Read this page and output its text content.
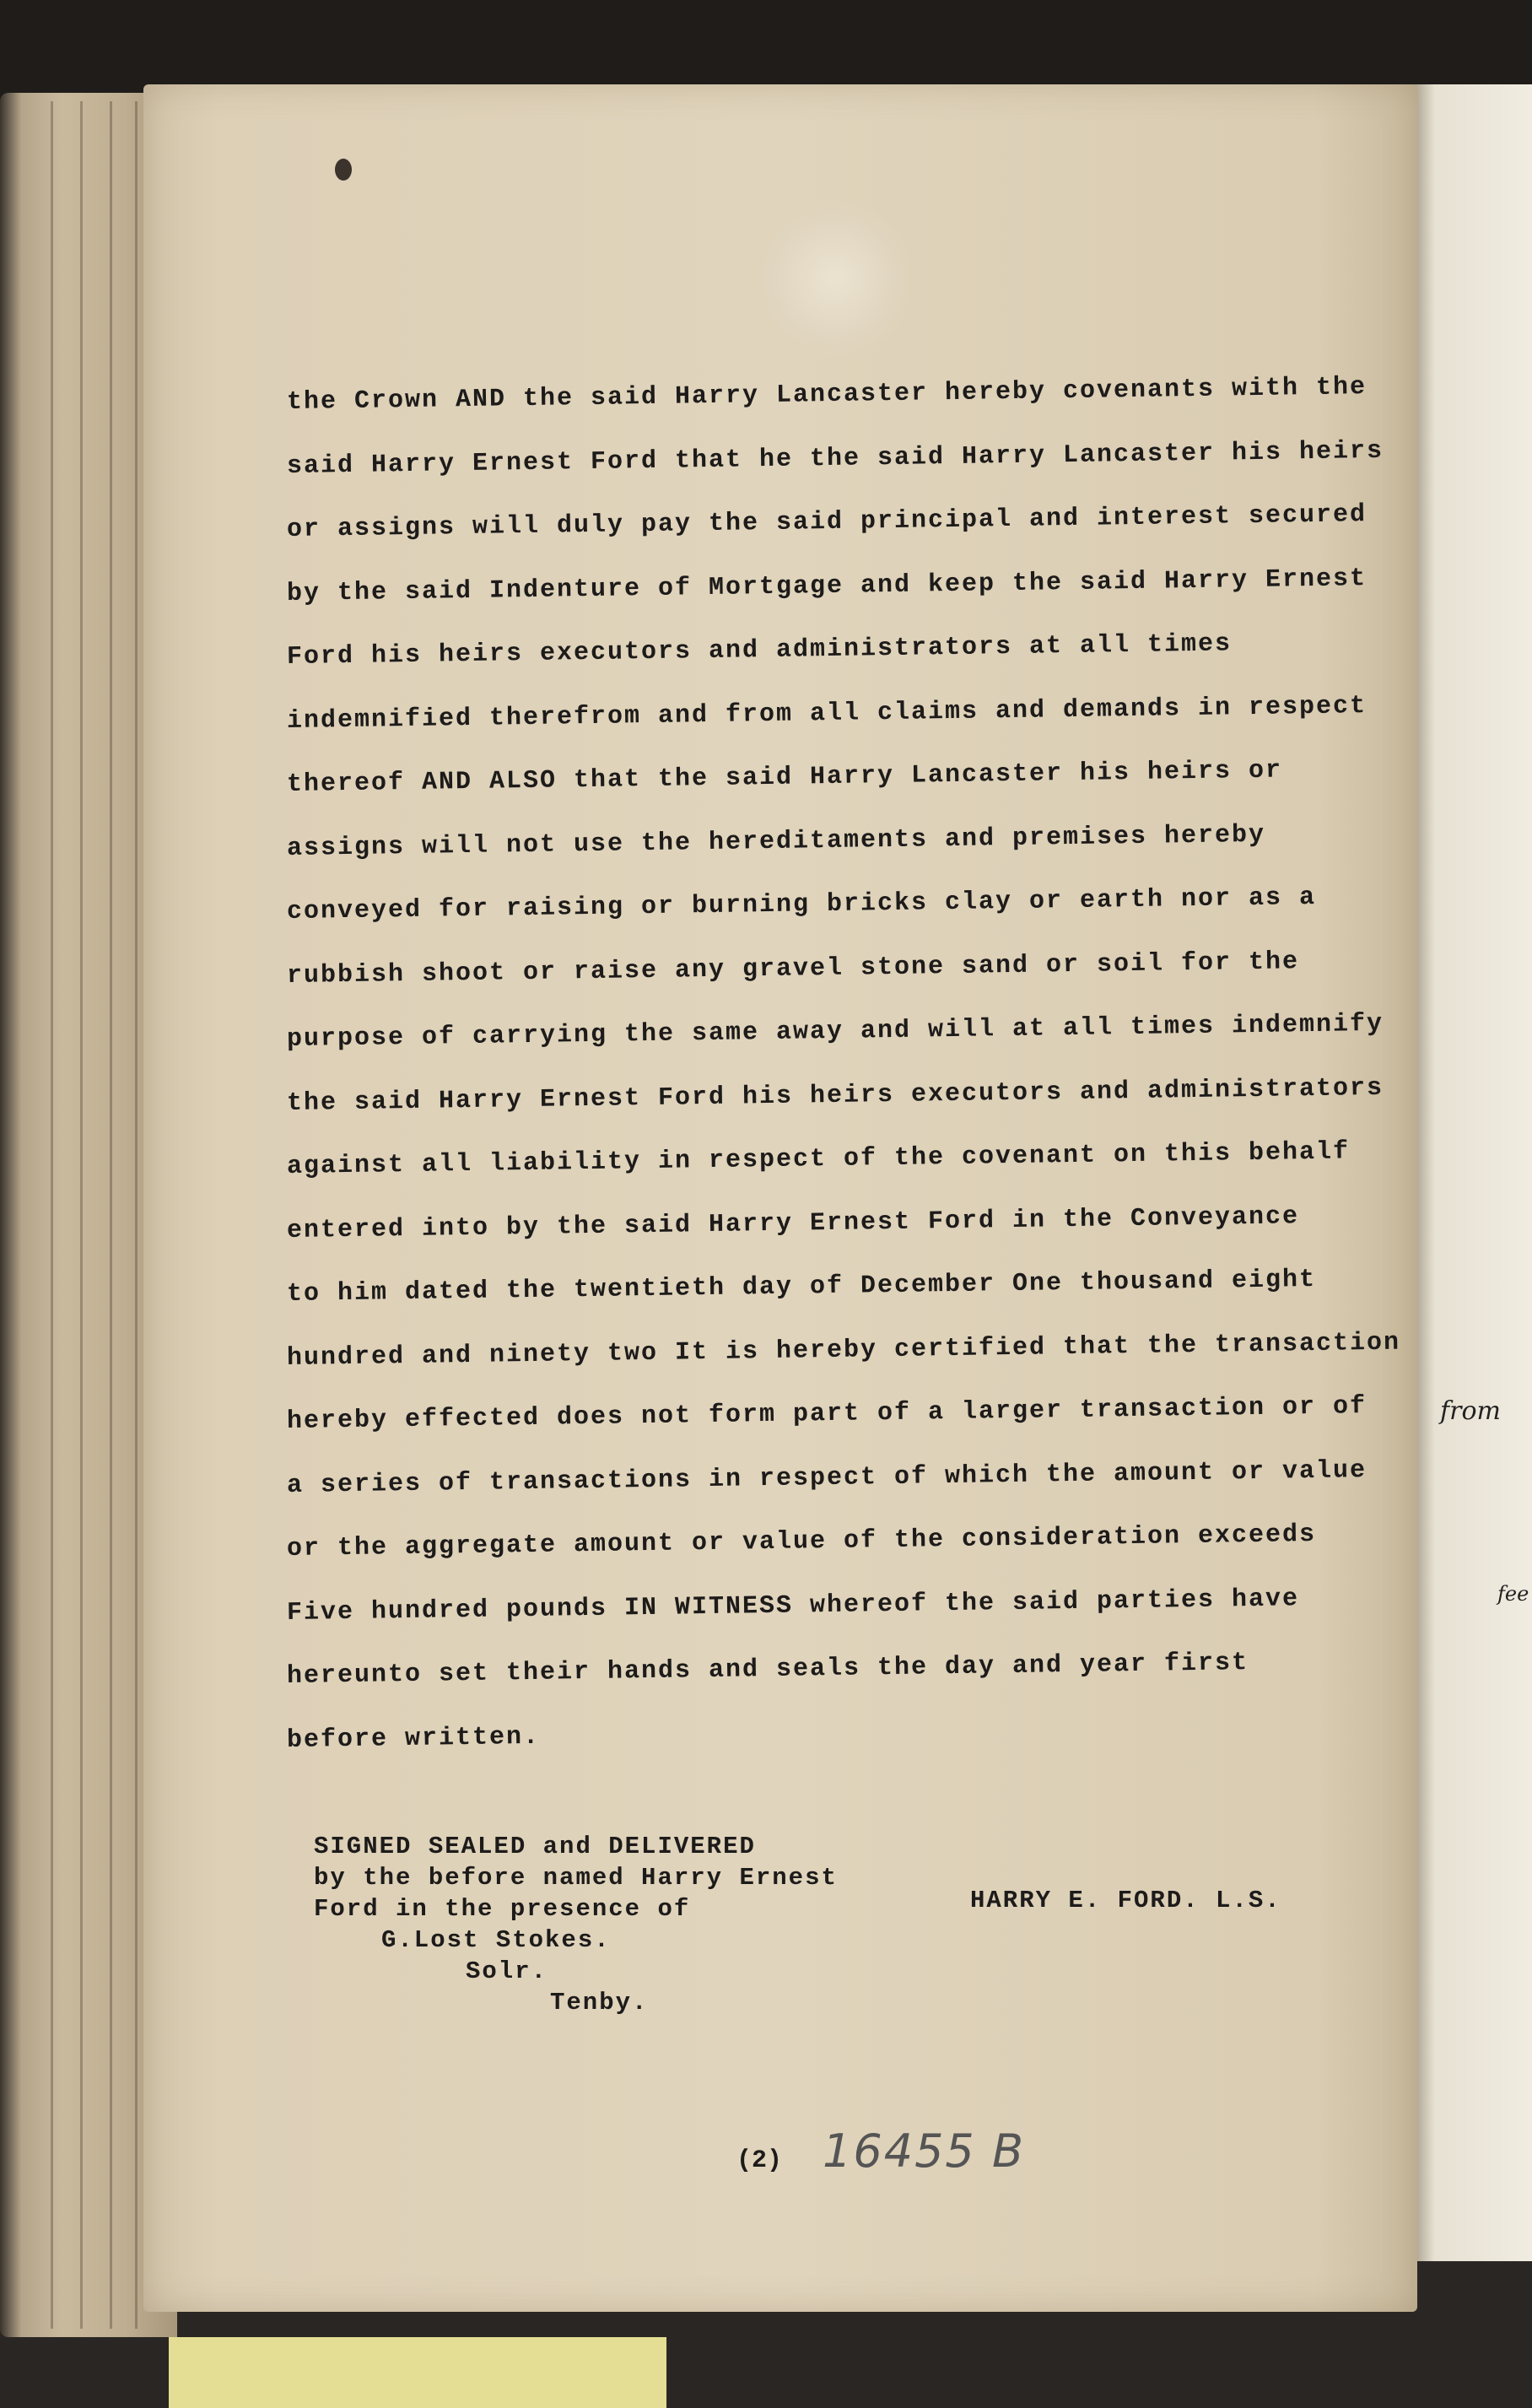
from
fee
the Crown AND the said Harry Lancaster hereby covenants with the
said Harry Ernest Ford that he the said Harry Lancaster his heirs
or assigns will duly pay the said principal and interest secured
by the said Indenture of Mortgage and keep the said Harry Ernest
Ford his heirs executors and administrators at all times
indemnified therefrom and from all claims and demands in respect
thereof AND ALSO that the said Harry Lancaster his heirs or
assigns will not use the hereditaments and premises hereby
conveyed for raising or burning bricks clay or earth nor as a
rubbish shoot or raise any gravel stone sand or soil for the
purpose of carrying the same away and will at all times indemnify
the said Harry Ernest Ford his heirs executors and administrators
against all liability in respect of the covenant on this behalf
entered into by the said Harry Ernest Ford in the Conveyance
to him dated the twentieth day of December One thousand eight
hundred and ninety two It is hereby certified that the transaction
hereby effected does not form part of a larger transaction or of
a series of transactions in respect of which the amount or value
or the aggregate amount or value of the consideration exceeds
Five hundred pounds IN WITNESS whereof the said parties have
hereunto set their hands and seals the day and year first
before written.
SIGNED SEALED and DELIVERED
by the before named Harry Ernest
Ford in the presence of
G.Lost Stokes.
Solr.
Tenby.
HARRY E. FORD. L.S.
(2) 16455 B
